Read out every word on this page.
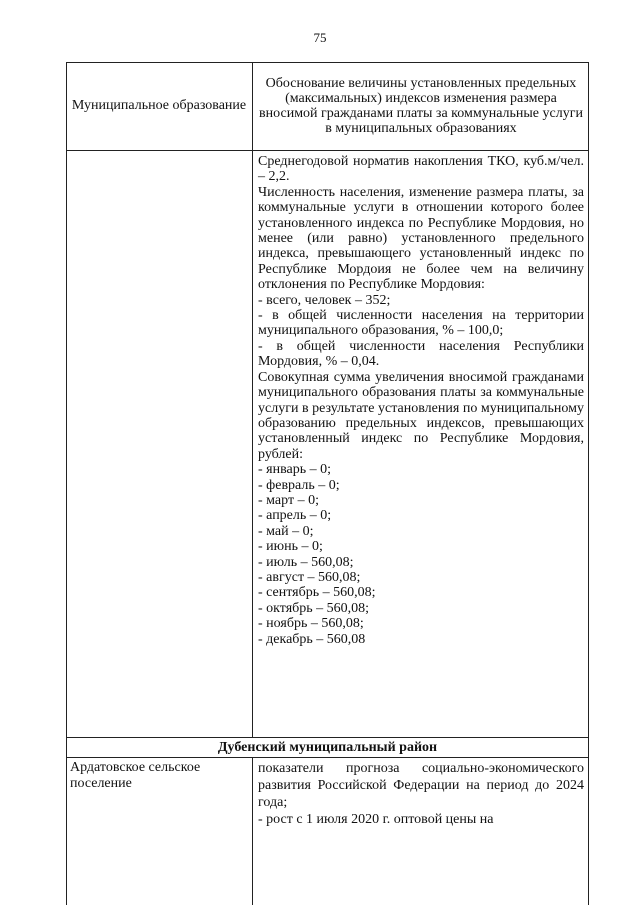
75
Муниципальное образование
Обоснование величины установленных предельных (максимальных) индексов изменения размера вносимой гражданами платы за коммунальные услуги в муниципальных образованиях

Среднегодовой норматив накопления ТКО, куб.м/чел. – 2,2.

Численность населения, изменение размера платы, за коммунальные услуги в отношении которого более установленного индекса по Республике Мордовия, но менее (или равно) установленного предельного индекса, превышающего установленный индекс по Республике Мордоия не более чем на величину отклонения по Республике Мордовия:

- всего, человек – 352;

- в общей численности населения на территории муниципального образования, % – 100,0;

- в общей численности населения Республики Мордовия, % – 0,04.

Совокупная сумма увеличения вносимой гражданами муниципального образования платы за коммунальные услуги в результате установления по муниципальному образованию предельных индексов, превышающих установленный индекс по Республике Мордовия, рублей:

- январь – 0;

- февраль – 0;

- март – 0;

- апрель – 0;

- май – 0;

- июнь – 0;

- июль – 560,08;

- август – 560,08;

- сентябрь – 560,08;

- октябрь – 560,08;

- ноябрь – 560,08;

- декабрь – 560,08

Дубенский муниципальный район
Ардатовское сельское поселение

показатели прогноза социально-экономического развития Российской Федерации на период до 2024 года;

- рост с 1 июля 2020 г. оптовой цены на
